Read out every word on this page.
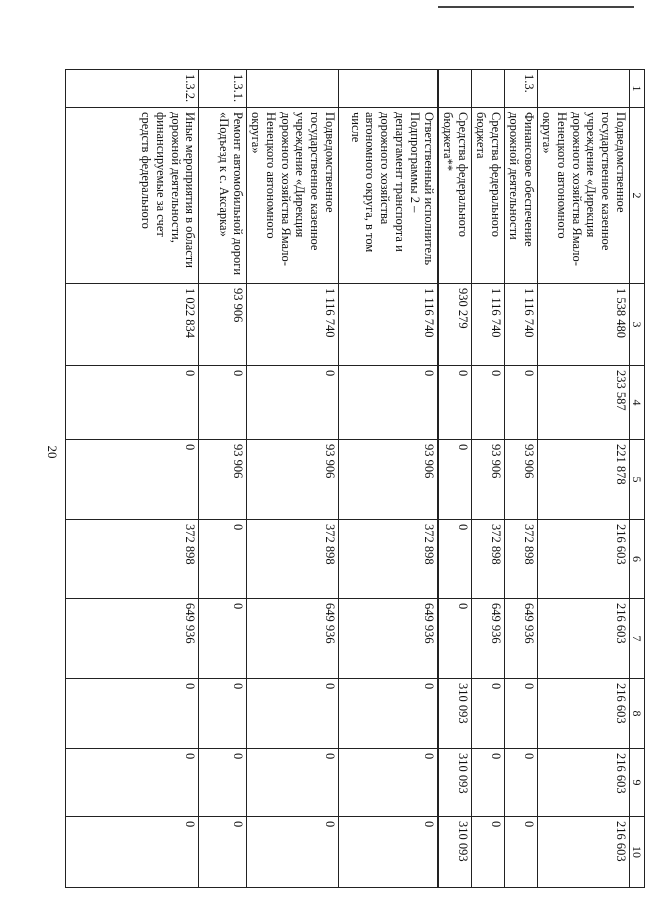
20
1	2	3	4	5	6	7	8	9	10
	Подведомственное государственное казенное учреждение «Дирекция дорожного хозяйства Ямало-Ненецкого автономного округа»	1 538 480	233 587	221 878	216 603	216 603	216 603	216 603	216 603
1.3.	Финансовое обеспечение дорожной деятельности	1 116 740	0	93 906	372 898	649 936	0	0	0
	Средства федерального бюджета	1 116 740	0	93 906	372 898	649 936	0	0	0
	Средства федерального бюджета**	930 279	0	0	0	0	310 093	310 093	310 093
	Ответственный исполнитель Подпрограммы 2 – департамент транспорта и дорожного хозяйства автономного округа, в том числе	1 116 740	0	93 906	372 898	649 936	0	0	0
	Подведомственное государственное казенное учреждение «Дирекция дорожного хозяйства Ямало-Ненецкого автономного округа»	1 116 740	0	93 906	372 898	649 936	0	0	0
1.3.1.	Ремонт автомобильной дороги «Подъезд к с. Аксарка»	93 906	0	93 906	0	0	0	0	0
1.3.2.	Иные мероприятия в области дорожной деятельности, финансируемые за счет средств федерального	1 022 834	0	0	372 898	649 936	0	0	0
